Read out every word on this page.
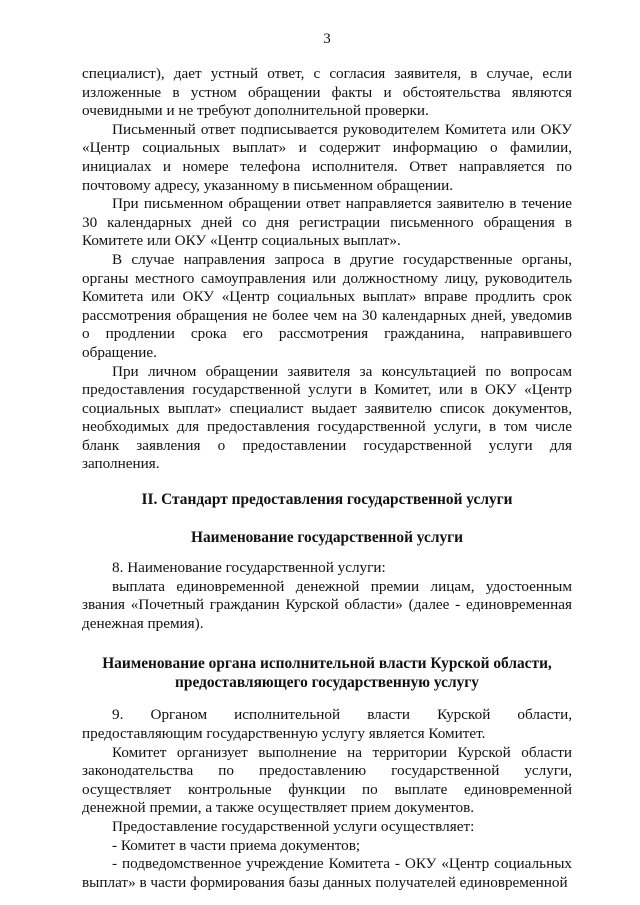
3

специалист), дает устный ответ, с согласия заявителя, в случае, если изложенные в устном обращении факты и обстоятельства являются очевидными и не требуют дополнительной проверки.

Письменный ответ подписывается руководителем Комитета или ОКУ «Центр социальных выплат» и содержит информацию о фамилии, инициалах и номере телефона исполнителя. Ответ направляется по почтовому адресу, указанному в письменном обращении.

При письменном обращении ответ направляется заявителю в течение 30 календарных дней со дня регистрации письменного обращения в Комитете или ОКУ «Центр социальных выплат».

В случае направления запроса в другие государственные органы, органы местного самоуправления или должностному лицу, руководитель Комитета или ОКУ «Центр социальных выплат» вправе продлить срок рассмотрения обращения не более чем на 30 календарных дней, уведомив о продлении срока его рассмотрения гражданина, направившего обращение.

При личном обращении заявителя за консультацией по вопросам предоставления государственной услуги в Комитет, или в ОКУ «Центр социальных выплат» специалист выдает заявителю список документов, необходимых для предоставления государственной услуги, в том числе бланк заявления о предоставлении государственной услуги для заполнения.

II. Стандарт предоставления государственной услуги
Наименование государственной услуги

8. Наименование государственной услуги:

выплата единовременной денежной премии лицам, удостоенным звания «Почетный гражданин Курской области» (далее - единовременная денежная премия).

Наименование органа исполнительной власти Курской области,
предоставляющего государственную услугу

9. Органом исполнительной власти Курской области, предоставляющим государственную услугу является Комитет.

Комитет организует выполнение на территории Курской области законодательства по предоставлению государственной услуги, осуществляет контрольные функции по выплате единовременной денежной премии, а также осуществляет прием документов.

Предоставление государственной услуги осуществляет:

- Комитет в части приема документов;

- подведомственное учреждение Комитета - ОКУ «Центр социальных выплат» в части формирования базы данных получателей единовременной
